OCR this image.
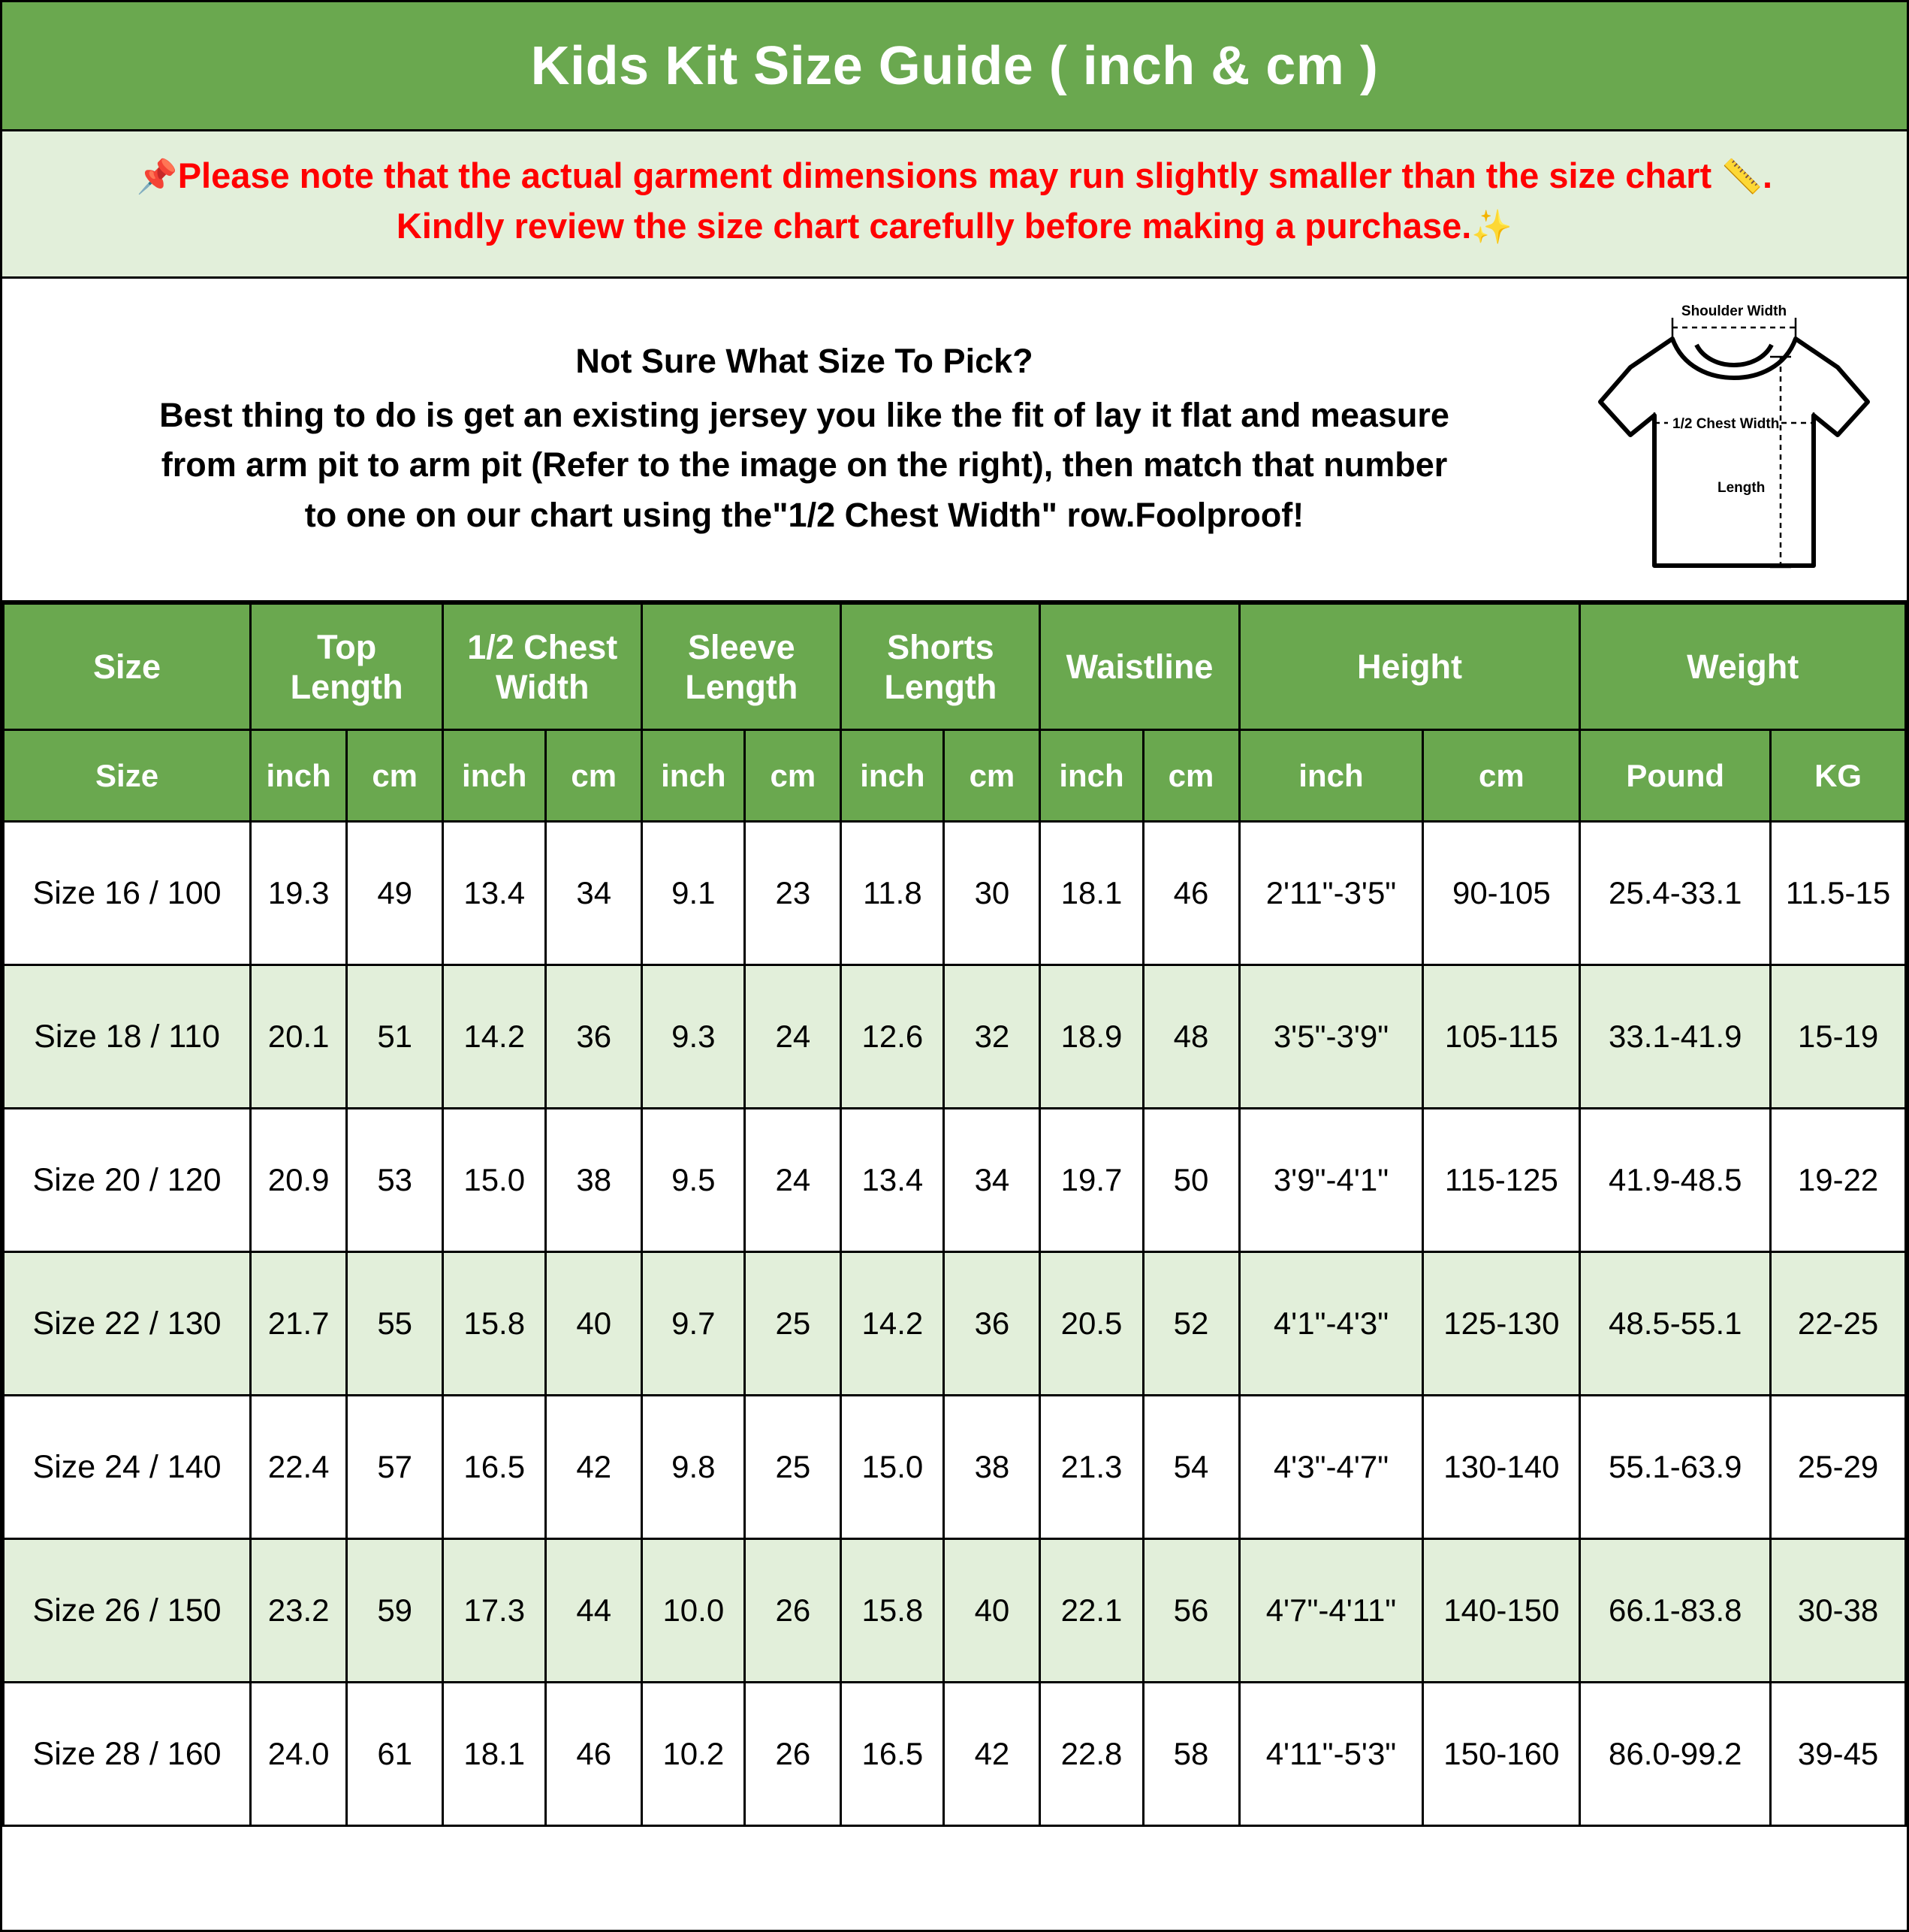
Kids Kit Size Guide ( inch & cm )
📌Please note that the actual garment dimensions may run slightly smaller than the size chart 📏.
Kindly review the size chart carefully before making a purchase.✨
Not Sure What Size To Pick?
Best thing to do is get an existing jersey you like the fit of lay it flat and measure
from arm pit to arm pit (Refer to the image on the right), then match that number
to one on our chart using the"1/2 Chest Width" row.Foolproof!
Shoulder Width
1/2 Chest Width
Length
Size	Top Length		1/2 Chest Width		Sleeve Length		Shorts Length		Waistline		Height		Weight	
Size	inch	cm	inch	cm	inch	cm	inch	cm	inch	cm	inch	cm	Pound	KG
Size 16 / 100	19.3	49	13.4	34	9.1	23	11.8	30	18.1	46	2'11"-3'5"	90-105	25.4-33.1	11.5-15
Size 18 / 110	20.1	51	14.2	36	9.3	24	12.6	32	18.9	48	3'5"-3'9"	105-115	33.1-41.9	15-19
Size 20 / 120	20.9	53	15.0	38	9.5	24	13.4	34	19.7	50	3'9"-4'1"	115-125	41.9-48.5	19-22
Size 22 / 130	21.7	55	15.8	40	9.7	25	14.2	36	20.5	52	4'1"-4'3"	125-130	48.5-55.1	22-25
Size 24 / 140	22.4	57	16.5	42	9.8	25	15.0	38	21.3	54	4'3"-4'7"	130-140	55.1-63.9	25-29
Size 26 / 150	23.2	59	17.3	44	10.0	26	15.8	40	22.1	56	4'7"-4'11"	140-150	66.1-83.8	30-38
Size 28 / 160	24.0	61	18.1	46	10.2	26	16.5	42	22.8	58	4'11"-5'3"	150-160	86.0-99.2	39-45
